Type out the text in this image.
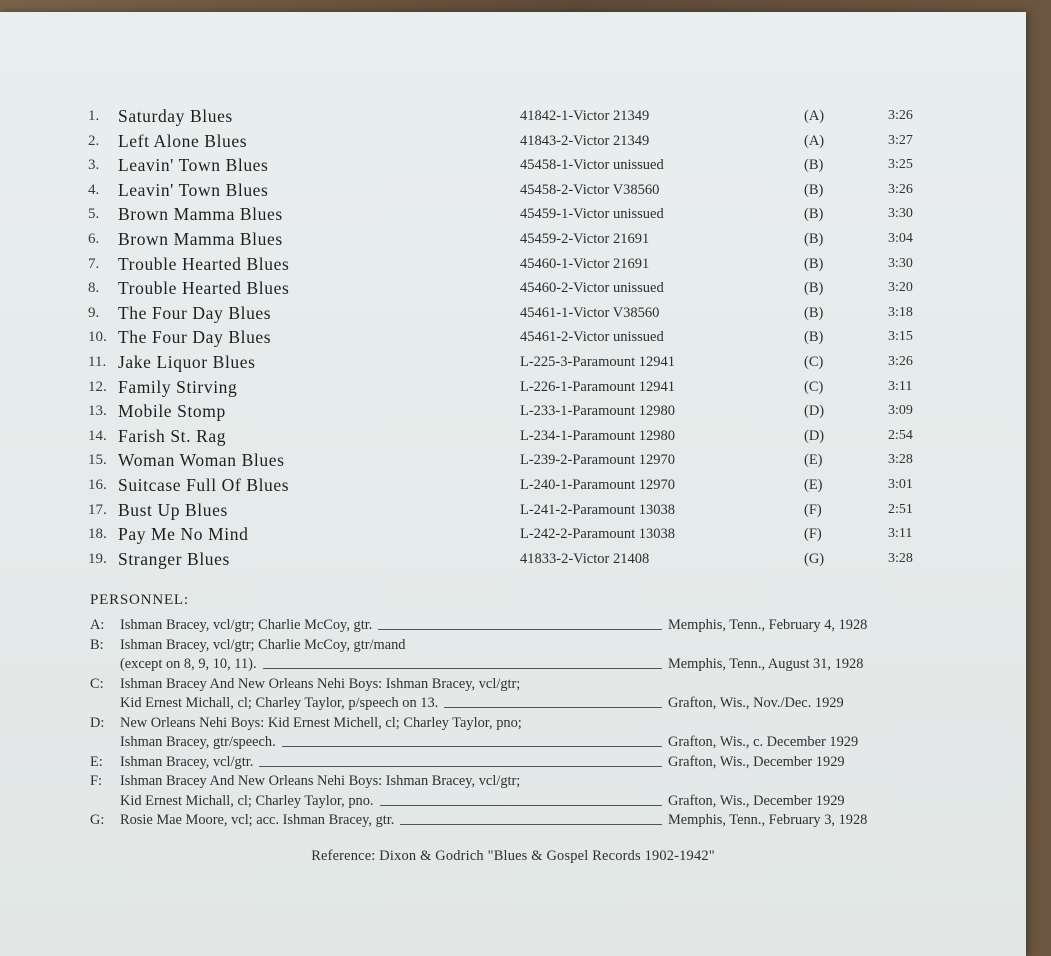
1.	Saturday Blues	41842-1-Victor 21349	(A)	3:26
2.	Left Alone Blues	41843-2-Victor 21349	(A)	3:27
3.	Leavin' Town Blues	45458-1-Victor unissued	(B)	3:25
4.	Leavin' Town Blues	45458-2-Victor V38560	(B)	3:26
5.	Brown Mamma Blues	45459-1-Victor unissued	(B)	3:30
6.	Brown Mamma Blues	45459-2-Victor 21691	(B)	3:04
7.	Trouble Hearted Blues	45460-1-Victor 21691	(B)	3:30
8.	Trouble Hearted Blues	45460-2-Victor unissued	(B)	3:20
9.	The Four Day Blues	45461-1-Victor V38560	(B)	3:18
10. The Four Day Blues	45461-2-Victor unissued	(B)	3:15
11. Jake Liquor Blues	L-225-3-Paramount 12941	(C)	3:26
12. Family Stirving	L-226-1-Paramount 12941	(C)	3:11
13. Mobile Stomp	L-233-1-Paramount 12980	(D)	3:09
14. Farish St. Rag	L-234-1-Paramount 12980	(D)	2:54
15. Woman Woman Blues	L-239-2-Paramount 12970	(E)	3:28
16. Suitcase Full Of Blues	L-240-1-Paramount 12970	(E)	3:01
17. Bust Up Blues	L-241-2-Paramount 13038	(F)	2:51
18. Pay Me No Mind	L-242-2-Paramount 13038	(F)	3:11
19. Stranger Blues	41833-2-Victor 21408	(G)	3:28
PERSONNEL:
A:	Ishman Bracey, vcl/gtr; Charlie McCoy, gtr.	Memphis, Tenn., February 4, 1928
B:	Ishman Bracey, vcl/gtr; Charlie McCoy, gtr/mand
(except on 8, 9, 10, 11).	Memphis, Tenn., August 31, 1928
C:	Ishman Bracey And New Orleans Nehi Boys: Ishman Bracey, vcl/gtr;
Kid Ernest Michall, cl; Charley Taylor, p/speech on 13.	Grafton, Wis., Nov./Dec. 1929
D:	New Orleans Nehi Boys: Kid Ernest Michell, cl; Charley Taylor, pno;
Ishman Bracey, gtr/speech.	Grafton, Wis., c. December 1929
E:	Ishman Bracey, vcl/gtr.	Grafton, Wis., December 1929
F:	Ishman Bracey And New Orleans Nehi Boys: Ishman Bracey, vcl/gtr;
Kid Ernest Michall, cl; Charley Taylor, pno.	Grafton, Wis., December 1929
G:	Rosie Mae Moore, vcl; acc. Ishman Bracey, gtr.	Memphis, Tenn., February 3, 1928
Reference: Dixon & Godrich "Blues & Gospel Records 1902-1942"
